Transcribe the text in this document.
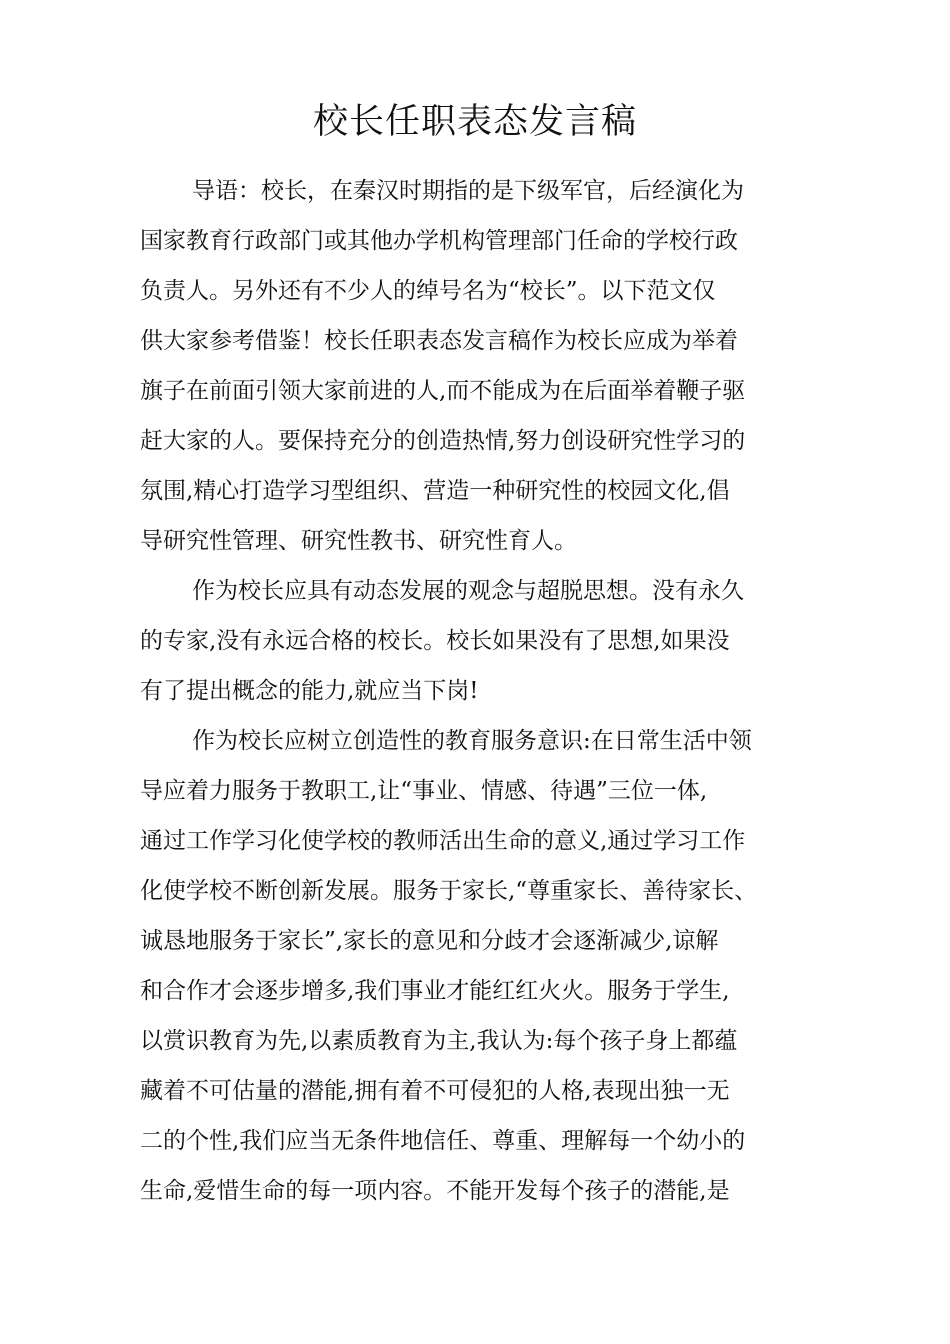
校长任职表态发言稿
导语：校长，在秦汉时期指的是下级军官，后经演化为
国家教育行政部门或其他办学机构管理部门任命的学校行政
负责人。另外还有不少人的绰号名为“校长”。以下范文仅
供大家参考借鉴！校长任职表态发言稿作为校长应成为举着
旗子在前面引领大家前进的人,而不能成为在后面举着鞭子驱
赶大家的人。要保持充分的创造热情,努力创设研究性学习的
氛围,精心打造学习型组织、营造一种研究性的校园文化,倡
导研究性管理、研究性教书、研究性育人。
作为校长应具有动态发展的观念与超脱思想。没有永久
的专家,没有永远合格的校长。校长如果没有了思想,如果没
有了提出概念的能力,就应当下岗!
作为校长应树立创造性的教育服务意识:在日常生活中领
导应着力服务于教职工,让“事业、情感、待遇”三位一体,
通过工作学习化使学校的教师活出生命的意义,通过学习工作
化使学校不断创新发展。服务于家长,“尊重家长、善待家长、
诚恳地服务于家长”,家长的意见和分歧才会逐渐减少,谅解
和合作才会逐步增多,我们事业才能红红火火。服务于学生,
以赏识教育为先,以素质教育为主,我认为:每个孩子身上都蕴
藏着不可估量的潜能,拥有着不可侵犯的人格,表现出独一无
二的个性,我们应当无条件地信任、尊重、理解每一个幼小的
生命,爱惜生命的每一项内容。不能开发每个孩子的潜能,是
